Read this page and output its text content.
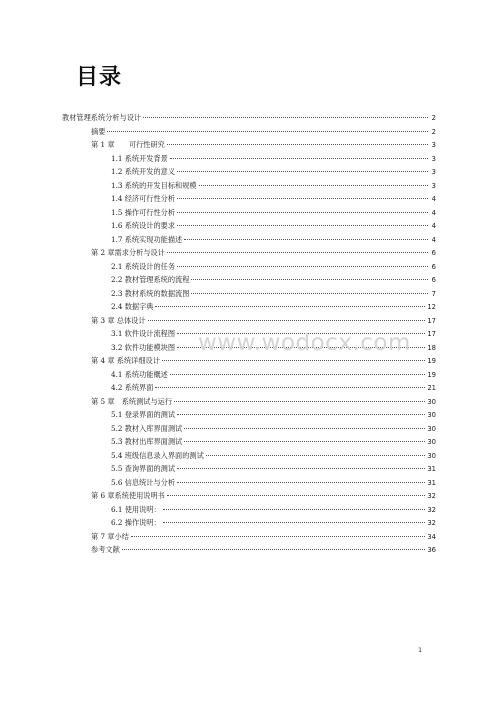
目录
教材管理系统分析与设计	2
摘要	2
第 1 章　　可行性研究	3
1.1 系统开发背景	3
1.2 系统开发的意义	3
1.3 系统的开发目标和规模	3
1.4 经济可行性分析	4
1.5 操作可行性分析	4
1.6 系统设计的要求	4
1.7 系统实现功能描述	4
第 2 章需求分析与设计	6
2.1 系统设计的任务	6
2.2 教材管理系统的流程	6
2.3 教材系统的数据流图	7
2.4 数据字典	12
第 3 章 总体设计	17
3.1 软件设计流程图	17
3.2 软件功能模块图	18
第 4 章 系统详细设计	19
4.1 系统功能概述	19
4.2 系统界面	21
第 5 章　系统测试与运行	30
5.1 登录界面的测试	30
5.2 教材入库界面测试	30
5.3 教材出库界面测试	30
5.4 班级信息录入界面的测试	30
5.5 查询界面的测试	31
5.6 信息统计与分析	31
第 6 章系统使用说明书	32
6.1 使用说明：	32
6.2 操作说明：	32
第 7 章小结	34
参考文献	36
www.wodocx.com
1
